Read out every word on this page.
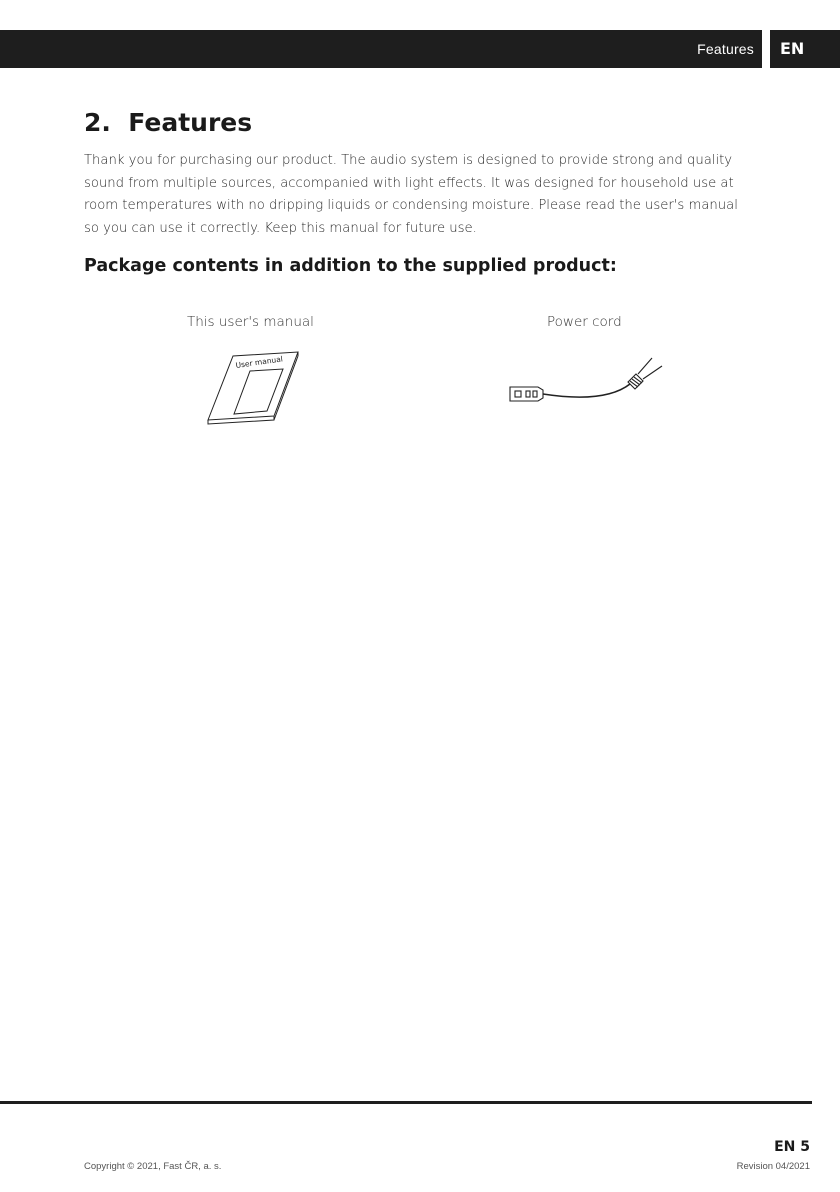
Features EN
2.  Features

Thank you for purchasing our product. The audio system is designed to provide strong and quality sound from multiple sources, accompanied with light effects. It was designed for household use at room temperatures with no dripping liquids or condensing moisture. Please read the user's manual so you can use it correctly. Keep this manual for future use.

Package contents in addition to the supplied product:
This user's manual	Power cord
User manual
EN 5
Copyright © 2021, Fast ČR, a. s.	Revision 04/2021
